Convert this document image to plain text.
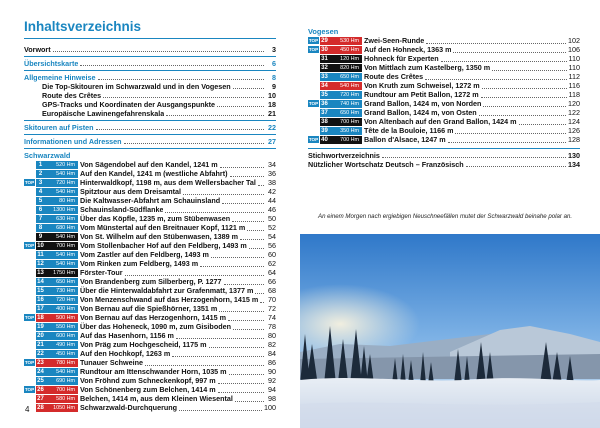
Inhaltsverzeichnis
Vorwort	3
Übersichtskarte	6
Allgemeine Hinweise	8
Die Top-Skitouren im Schwarzwald und in den Vogesen	9
Route des Crêtes	10
GPS-Tracks und Koordinaten der Ausgangspunkte	18
Europäische Lawinengefahrenskala	21
Skitouren auf Pisten	22
Informationen und Adressen	27
Schwarzwald
1	520 Hm Von Sägendobel auf den Kandel, 1241 m	34
2	540 Hm Auf den Kandel, 1241 m (westliche Abfahrt)	36
TOP 3	720 Hm Hinterwaldkopf, 1198 m, aus dem Wellersbacher Tal 38
4	540 Hm Spitztour aus dem Dreisamtal	42
5	80 Hm Die Kaltwasser-Abfahrt am Schauinsland	44
6	1300 Hm Schauinsland-Südflanke	46
7	630 Hm Über das Köpfle, 1235 m, zum Stübenwasen	50
8	680 Hm Vom Münstertal auf den Breitnauer Kopf, 1121 m	52
9	540 Hm Von St. Wilhelm auf den Stübenwasen, 1389 m	54
TOP 10	700 Hm Vom Stollenbacher Hof auf den Feldberg, 1493 m	56
11	540 Hm Vom Zastler auf den Feldberg, 1493 m	60
12	540 Hm Vom Rinken zum Feldberg, 1493 m	62
13	1750 Hm Förster-Tour	64
14	650 Hm Von Brandenberg zum Silberberg, P. 1277	66
15	730 Hm Über die Hinterwaldabfahrt zur Grafenmatt, 1377 m 68
16	720 Hm Von Menzenschwand auf das Herzogenhorn, 1415 m 70
17	400 Hm Von Bernau auf die Spießhörner, 1351 m	72
TOP 18	500 Hm Von Bernau auf das Herzogenhorn, 1415 m	74
19	550 Hm Über das Hoheneck, 1090 m, zum Gisiboden	78
20	600 Hm Auf das Hasenhorn, 1156 m	80
21	490 Hm Von Präg zum Hochgescheid, 1175 m	82
22	450 Hm Auf den Hochkopf, 1263 m	84
TOP 23	780 Hm Tunauer Schweine	86
24	540 Hm Rundtour am Ittenschwander Horn, 1035 m	90
25	690 Hm Von Fröhnd zum Schneckenkopf, 997 m	92
TOP 26	700 Hm Von Schönenberg zum Belchen, 1414 m	94
27	580 Hm Belchen, 1414 m, aus dem Kleinen Wiesental	98
28	1050 Hm Schwarzwald-Durchquerung	100
4
Vogesen
TOP 29	530 Hm Zwei-Seen-Runde	102
TOP 30	450 Hm Auf den Hohneck, 1363 m	106
31	120 Hm Hohneck für Experten	110
32	820 Hm Von Mittlach zum Kastelberg, 1350 m	110
33	650 Hm Route des Crêtes	112
34	540 Hm Von Kruth zum Schweisel, 1272 m	116
35	720 Hm Rundtour am Petit Ballon, 1272 m	118
TOP 36	740 Hm Grand Ballon, 1424 m, von Norden	120
37	650 Hm Grand Ballon, 1424 m, von Osten	122
38	700 Hm Von Altenbach auf den Grand Ballon, 1424 m	124
39	350 Hm Tête de la Bouloie, 1166 m	126
TOP 40	700 Hm Ballon d'Alsace, 1247 m	128
Stichwortverzeichnis	130
Nützlicher Wortschatz Deutsch – Französisch	134
An einem Morgen nach ergiebigen Neuschneefällen mutet der Schwarzwald beinahe polar an.
